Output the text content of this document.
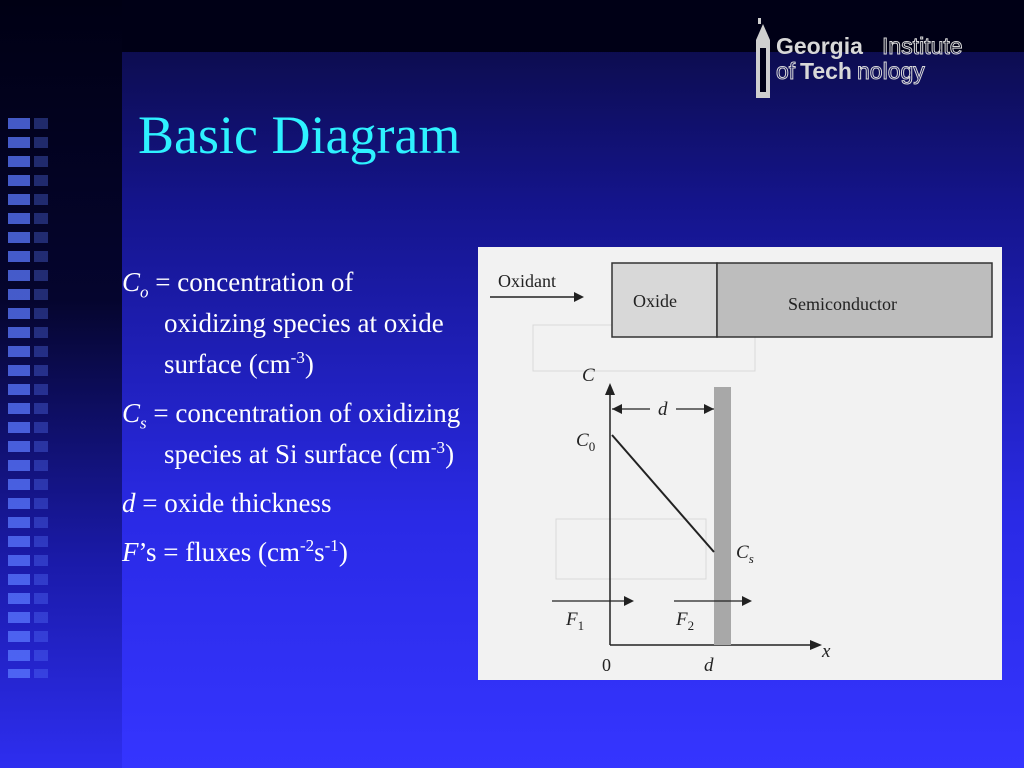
Georgia Institute
of Tech nology
Basic Diagram

$C_o$ = concentration of oxidizing species at oxide surface $(cm^{-3})$

$C_s$ = concentration of oxidizing species at Si surface $(cm^{-3})$

d = oxide thickness

F’s = fluxes $(cm^{-2}s^{-1})$

Oxidant
Oxide	Semiconductor
C
x
d
$C_0$
$C_s$
$F_1$	$F_2$
0	d
